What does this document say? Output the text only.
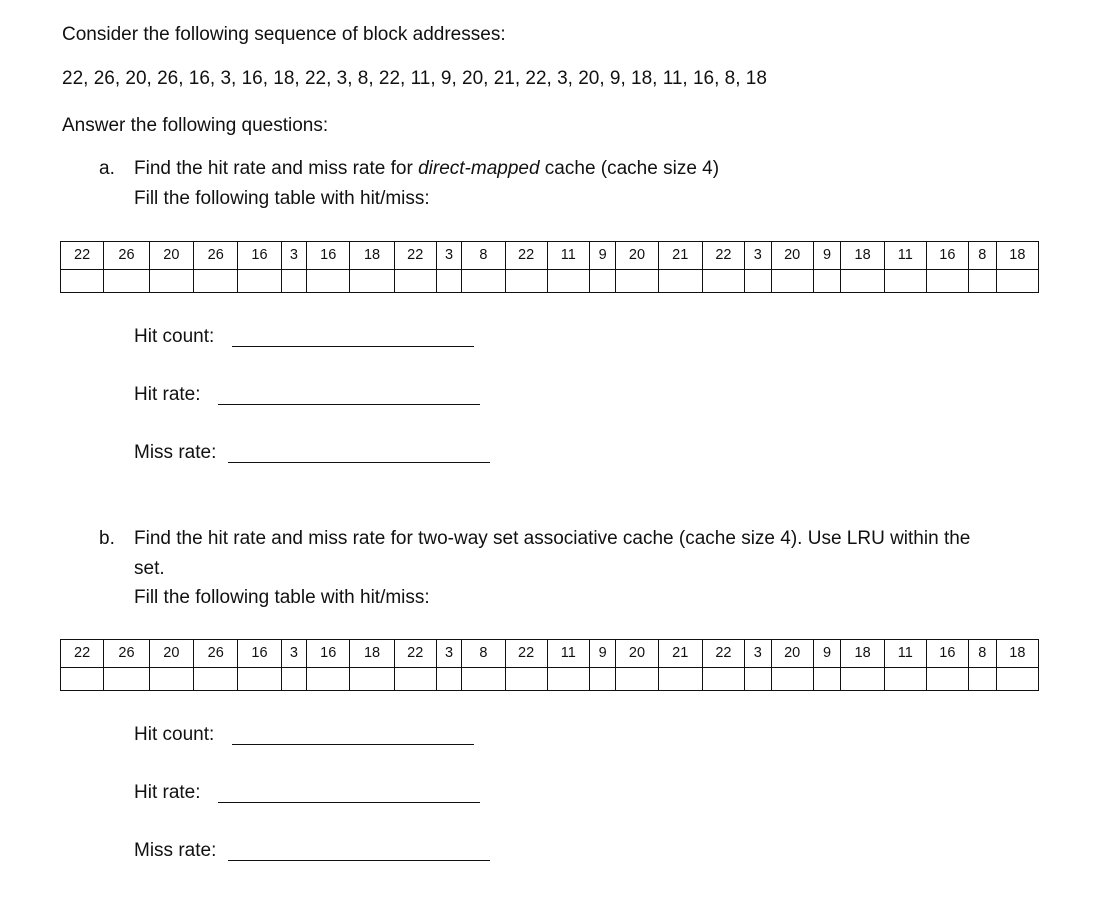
Consider the following sequence of block addresses:
22, 26, 20, 26, 16, 3, 16, 18, 22, 3, 8, 22, 11, 9, 20, 21, 22, 3, 20, 9, 18, 11, 16, 8, 18
Answer the following questions:
a. Find the hit rate and miss rate for direct-mapped cache (cache size 4)
Fill the following table with hit/miss:
22	26	20	26	16	3	16	18	22	3	8	22	11	9	20	21	22	3	20	9	18	11	16	8	18

Hit count:
Hit rate:
Miss rate:
b. Find the hit rate and miss rate for two-way set associative cache (cache size 4). Use LRU within the
set.
Fill the following table with hit/miss:
22	26	20	26	16	3	16	18	22	3	8	22	11	9	20	21	22	3	20	9	18	11	16	8	18

Hit count:
Hit rate:
Miss rate:
